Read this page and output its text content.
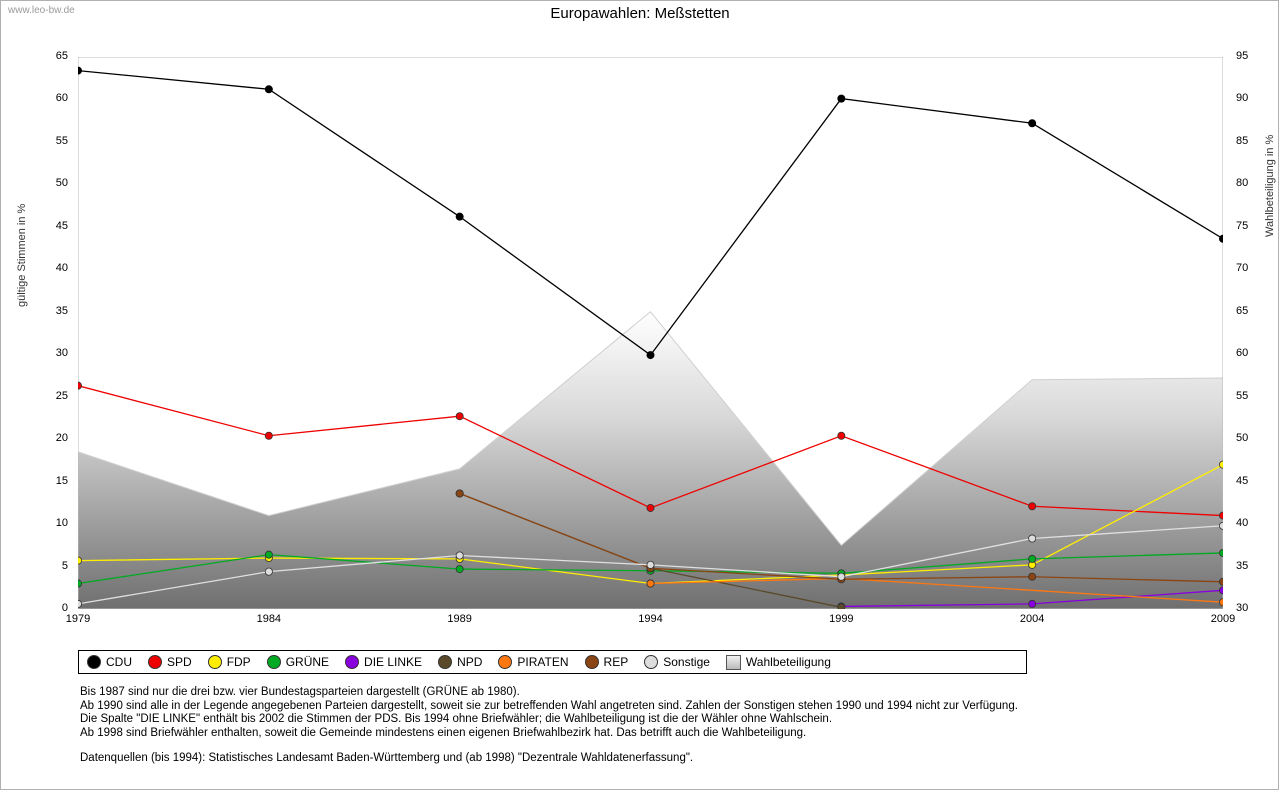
www.leo-bw.de	Europawahlen: Meßstetten
gültige Stimmen in %
Wahlbeteiligung in %
0
5
10
15
20
25
30
35
40
45
50
55
60
65
30
35
40
45
50
55
60
65
70
75
80
85
90
95
1979	1984	1989	1994	1999	2004	2009
CDU	SPD	FDP	GRÜNE	DIE LINKE	NPD	PIRATEN	REP	Sonstige	Wahlbeteiligung
Bis 1987 sind nur die drei bzw. vier Bundestagsparteien dargestellt (GRÜNE ab 1980).
Ab 1990 sind alle in der Legende angegebenen Parteien dargestellt, soweit sie zur betreffenden Wahl angetreten sind. Zahlen der Sonstigen stehen 1990 und 1994 nicht zur Verfügung.
Die Spalte "DIE LINKE" enthält bis 2002 die Stimmen der PDS. Bis 1994 ohne Briefwähler; die Wahlbeteiligung ist die der Wähler ohne Wahlschein.
Ab 1998 sind Briefwähler enthalten, soweit die Gemeinde mindestens einen eigenen Briefwahlbezirk hat. Das betrifft auch die Wahlbeteiligung.
Datenquellen (bis 1994): Statistisches Landesamt Baden-Württemberg und (ab 1998) "Dezentrale Wahldatenerfassung".
